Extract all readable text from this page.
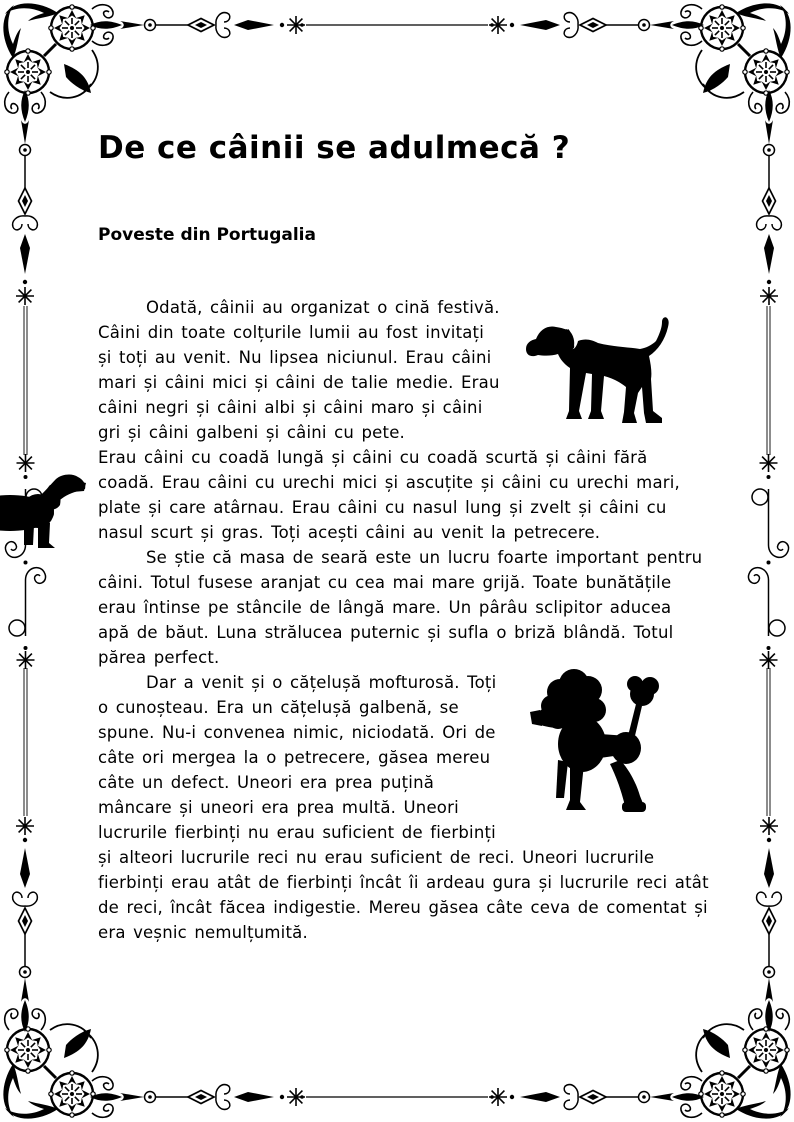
De ce câinii se adulmecă ?
Poveste din Portugalia

Odată, câinii au organizat o cină festivă. Câini din toate colțurile lumii au fost invitați și toți au venit. Nu lipsea niciunul. Erau câini mari și câini mici și câini de talie medie. Erau câini negri și câini albi și câini maro și câini gri și câini galbeni și câini cu pete.

Erau câini cu coadă lungă și câini cu coadă scurtă și câini fără coadă. Erau câini cu urechi mici și ascuțite și câini cu urechi mari, plate și care atârnau. Erau câini cu nasul lung și zvelt și câini cu nasul scurt și gras. Toți acești câini au venit la petrecere.

Se știe că masa de seară este un lucru foarte important pentru câini. Totul fusese aranjat cu cea mai mare grijă. Toate bunătățile erau întinse pe stâncile de lângă mare. Un pârâu sclipitor aducea apă de băut. Luna strălucea puternic și sufla o briză blândă. Totul părea perfect.

Dar a venit și o cățelușă mofturosă. Toți o cunoșteau. Era un cățelușă galbenă, se spune. Nu-i convenea nimic, niciodată. Ori de câte ori mergea la o petrecere, găsea mereu câte un defect. Uneori era prea puțină mâncare și uneori era prea multă. Uneori lucrurile fierbinți nu erau suficient de fierbinți și alteori lucrurile reci nu erau suficient de reci. Uneori lucrurile fierbinți erau atât de fierbinți încât îi ardeau gura și lucrurile reci atât de reci, încât făcea indigestie. Mereu găsea câte ceva de comentat și era veșnic nemulțumită.
